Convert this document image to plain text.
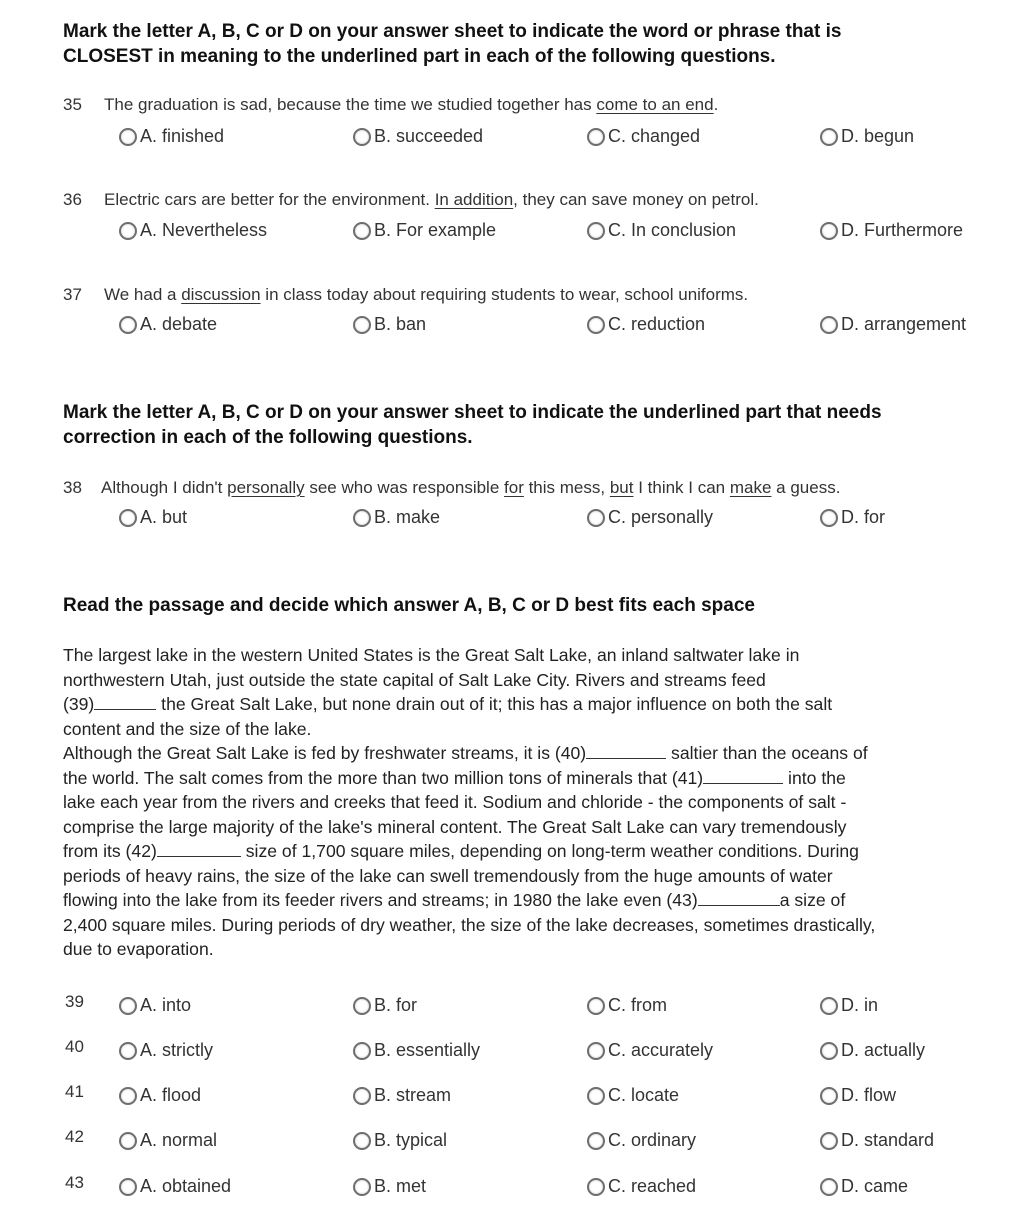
Mark the letter A, B, C or D on your answer sheet to indicate the word or phrase that is
CLOSEST in meaning to the underlined part in each of the following questions.
35 The graduation is sad, because the time we studied together has come to an end.
A. finished	B. succeeded	C. changed	D. begun
36 Electric cars are better for the environment. In addition, they can save money on petrol.
A. Nevertheless	B. For example	C. In conclusion	D. Furthermore
37 We had a discussion in class today about requiring students to wear, school uniforms.
A. debate	B. ban	C. reduction	D. arrangement
Mark the letter A, B, C or D on your answer sheet to indicate the underlined part that needs
correction in each of the following questions.
38 Although I didn't personally see who was responsible for this mess, but I think I can make a guess.
A. but	B. make	C. personally	D. for
Read the passage and decide which answer A, B, C or D best fits each space
The largest lake in the western United States is the Great Salt Lake, an inland saltwater lake in
northwestern Utah, just outside the state capital of Salt Lake City. Rivers and streams feed
(39)	the Great Salt Lake, but none drain out of it; this has a major influence on both the salt
content and the size of the lake.
Although the Great Salt Lake is fed by freshwater streams, it is (40)	saltier than the oceans of
the world. The salt comes from the more than two million tons of minerals that (41)	into the
lake each year from the rivers and creeks that feed it. Sodium and chloride - the components of salt -
comprise the large majority of the lake's mineral content. The Great Salt Lake can vary tremendously
from its (42)	size of 1,700 square miles, depending on long-term weather conditions. During
periods of heavy rains, the size of the lake can swell tremendously from the huge amounts of water
flowing into the lake from its feeder rivers and streams; in 1980 the lake even (43)	a size of
2,400 square miles. During periods of dry weather, the size of the lake decreases, sometimes drastically,
due to evaporation.
39	A. into	B. for	C. from	D. in
40	A. strictly	B. essentially	C. accurately	D. actually
41	A. flood	B. stream	C. locate	D. flow
42	A. normal	B. typical	C. ordinary	D. standard
43	A. obtained	B. met	C. reached	D. came
